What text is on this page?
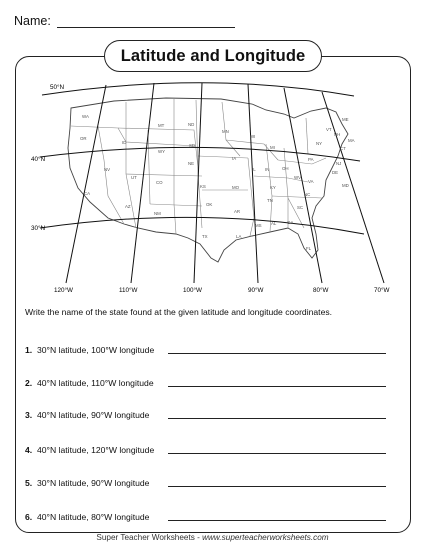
Name:
Latitude and Longitude
50°N
40°N
30°N
120°W	110°W	100°W	90°W	80°W	70°W
WA
OR
CA
NV
ID
MT
WY
UT
AZ
CO
NM
ND
SD
NE
KS
OK
TX
MN
IA
MO
AR
LA
WI
IL
MI
IN	OH
KY
TN
MS AL GA
FL
SC
NC
VA
WV
PA
NY
VT
NH
ME
MA
CT
NJ
DE
MD
Write the name of the state found at the given latitude and longitude coordinates.
1. 30°N latitude, 100°W longitude
2. 40°N latitude, 110°W longitude
3. 40°N latitude, 90°W longitude
4. 40°N latitude, 120°W longitude
5. 30°N latitude, 90°W longitude
6. 40°N latitude, 80°W longitude
Super Teacher Worksheets - www.superteacherworksheets.com
